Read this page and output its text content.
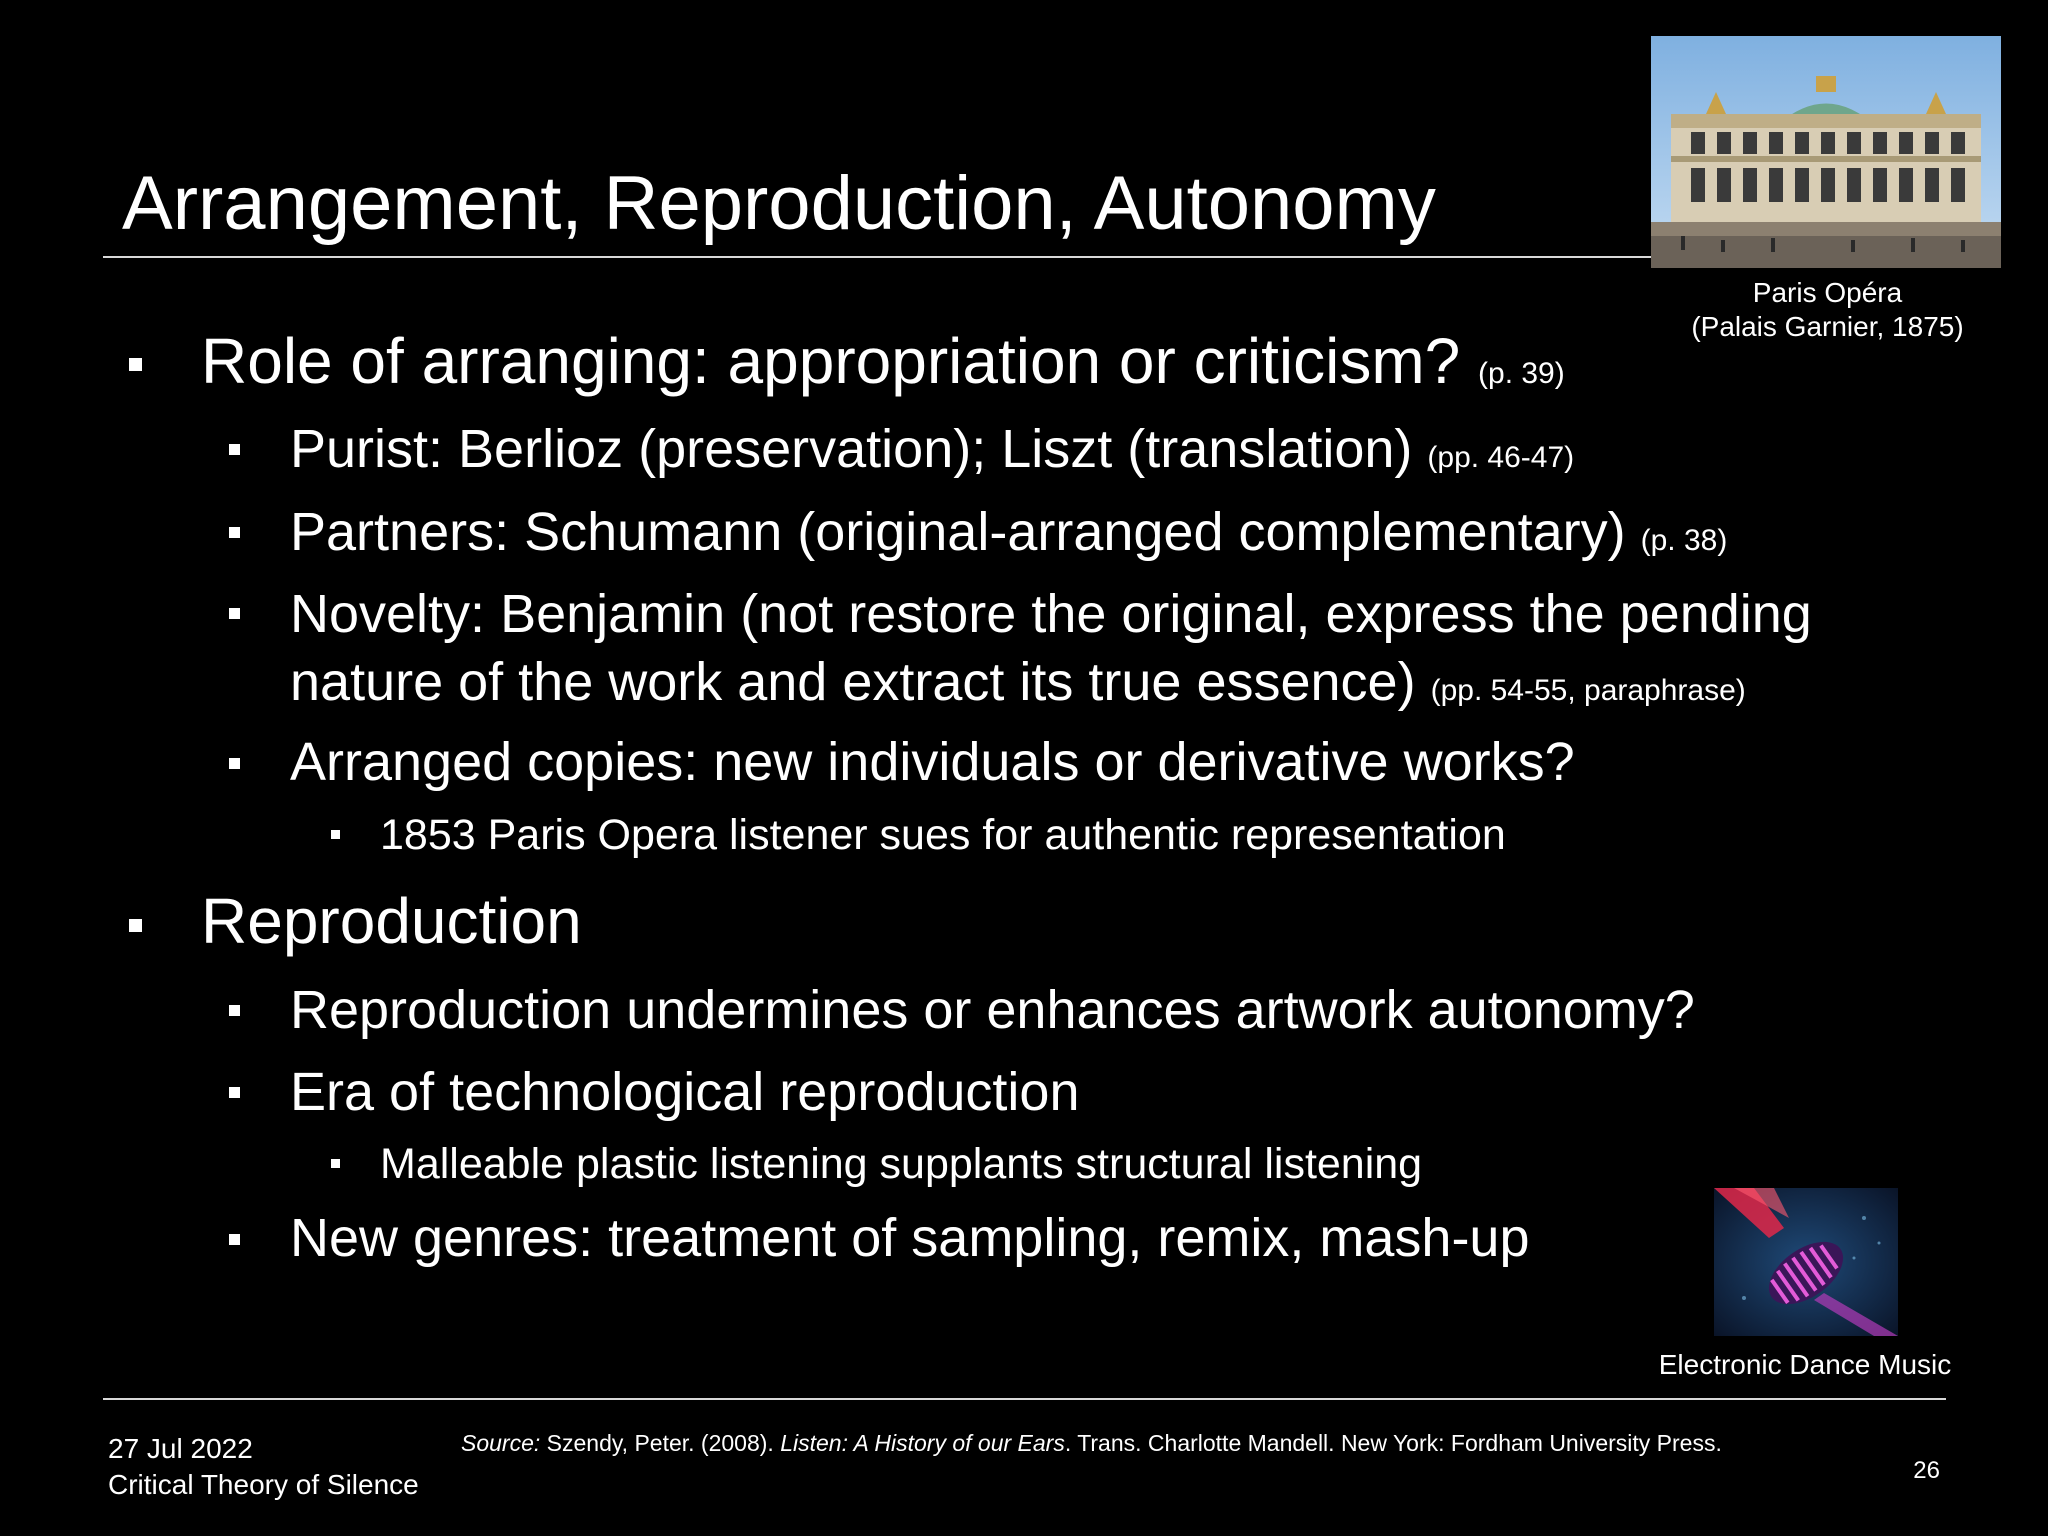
Arrangement, Reproduction, Autonomy
Paris Opéra
(Palais Garnier, 1875)
Role of arranging: appropriation or criticism? (p. 39)
Purist: Berlioz (preservation); Liszt (translation) (pp. 46-47)
Partners: Schumann (original-arranged complementary) (p. 38)
Novelty: Benjamin (not restore the original, express the pending
nature of the work and extract its true essence) (pp. 54-55, paraphrase)
Arranged copies: new individuals or derivative works?
1853 Paris Opera listener sues for authentic representation
Reproduction
Reproduction undermines or enhances artwork autonomy?
Era of technological reproduction
Malleable plastic listening supplants structural listening
New genres: treatment of sampling, remix, mash-up
Electronic Dance Music
27 Jul 2022
Critical Theory of Silence
Source: Szendy, Peter. (2008). Listen: A History of our Ears. Trans. Charlotte Mandell. New York: Fordham University Press.
26
